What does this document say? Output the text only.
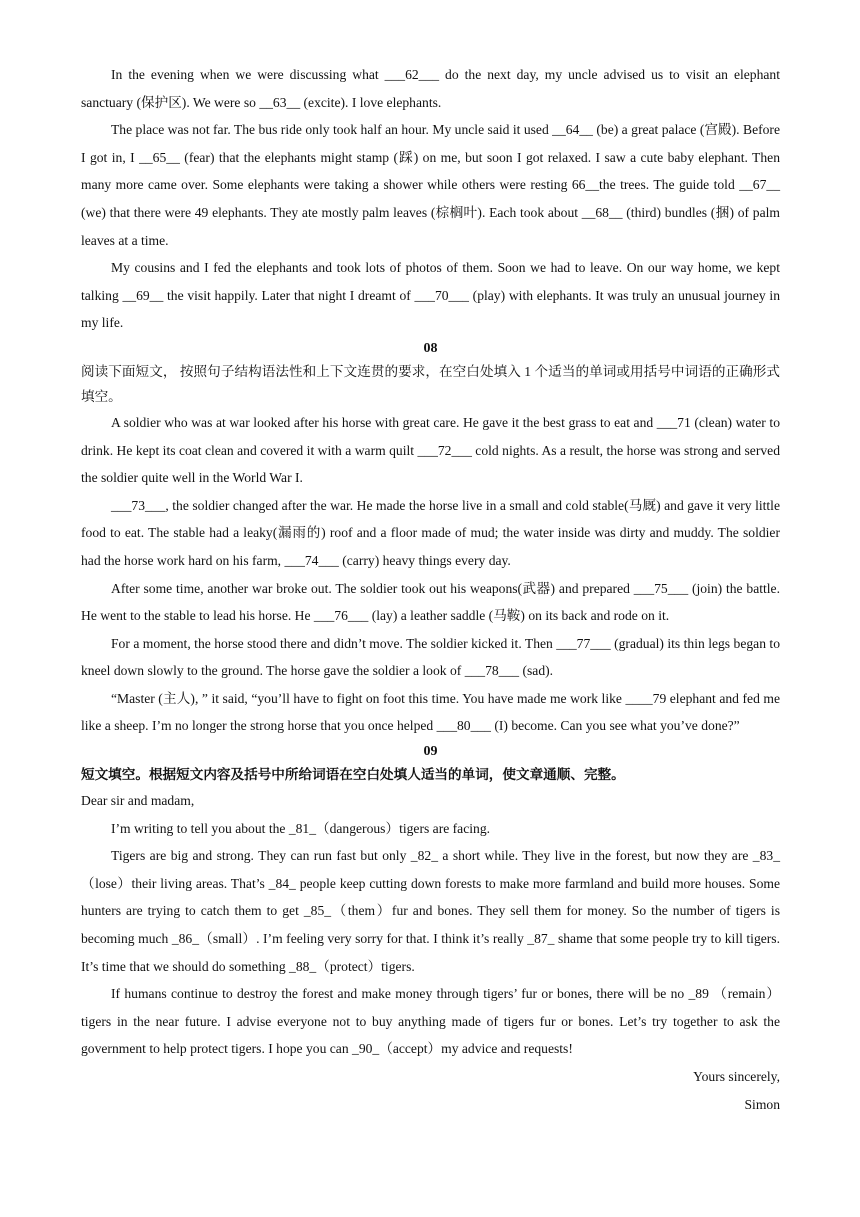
In the evening when we were discussing what ___62___ do the next day, my uncle advised us to visit an elephant sanctuary (保护区). We were so __63__ (excite). I love elephants.

The place was not far. The bus ride only took half an hour. My uncle said it used __64__ (be) a great palace (宫殿). Before I got in, I __65__ (fear) that the elephants might stamp (踩) on me, but soon I got relaxed. I saw a cute baby elephant. Then many more came over. Some elephants were taking a shower while others were resting 66__the trees. The guide told __67__ (we) that there were 49 elephants. They ate mostly palm leaves (棕榈叶). Each took about __68__ (third) bundles (捆) of palm leaves at a time.

My cousins and I fed the elephants and took lots of photos of them. Soon we had to leave. On our way home, we kept talking __69__ the visit happily. Later that night I dreamt of ___70___ (play) with elephants. It was truly an unusual journey in my life.

08

阅读下面短文， 按照句子结构语法性和上下文连贯的要求，在空白处填入 1 个适当的单词或用括号中词语的正确形式填空。

A soldier who was at war looked after his horse with great care. He gave it the best grass to eat and ___71 (clean) water to drink. He kept its coat clean and covered it with a warm quilt ___72___ cold nights. As a result, the horse was strong and served the soldier quite well in the World War I.

___73___, the soldier changed after the war. He made the horse live in a small and cold stable(马厩) and gave it very little food to eat. The stable had a leaky(漏雨的) roof and a floor made of mud; the water inside was dirty and muddy. The soldier had the horse work hard on his farm, ___74___ (carry) heavy things every day.

After some time, another war broke out. The soldier took out his weapons(武器) and prepared ___75___ (join) the battle. He went to the stable to lead his horse. He ___76___ (lay) a leather saddle (马鞍) on its back and rode on it.

For a moment, the horse stood there and didn’t move. The soldier kicked it. Then ___77___ (gradual) its thin legs began to kneel down slowly to the ground. The horse gave the soldier a look of ___78___ (sad).

“Master (主人), ” it said, “you’ll have to fight on foot this time. You have made me work like ____79 elephant and fed me like a sheep. I’m no longer the strong horse that you once helped ___80___ (I) become. Can you see what you’ve done?”

09

短文填空。根据短文内容及括号中所给词语在空白处填人适当的单词，使文章通顺、完整。

Dear sir and madam,

I’m writing to tell you about the _81_（dangerous）tigers are facing.

Tigers are big and strong. They can run fast but only _82_ a short while. They live in the forest, but now they are _83_（lose）their living areas. That’s _84_ people keep cutting down forests to make more farmland and build more houses. Some hunters are trying to catch them to get _85_（them）fur and bones. They sell them for money. So the number of tigers is becoming much _86_（small）. I’m feeling very sorry for that. I think it’s really _87_ shame that some people try to kill tigers. It’s time that we should do something _88_（protect）tigers.

If humans continue to destroy the forest and make money through tigers’ fur or bones, there will be no _89 （remain）tigers in the near future. I advise everyone not to buy anything made of tigers fur or bones. Let’s try together to ask the government to help protect tigers. I hope you can _90_（accept）my advice and requests!

Yours sincerely,

Simon
